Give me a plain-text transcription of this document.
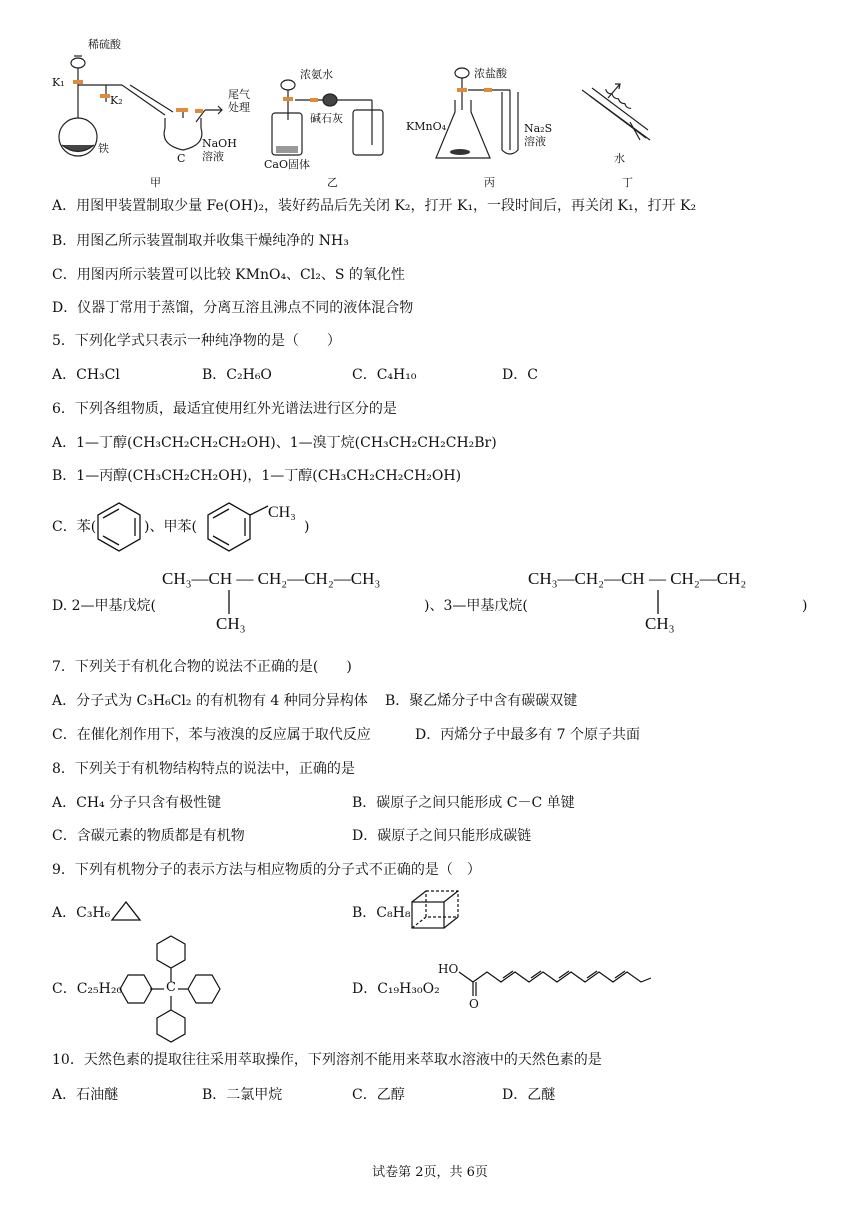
稀硫酸
K₁
K₂
铁
尾气处理
C
NaOH溶液
甲
浓氨水
碱石灰
CaO固体
乙
浓盐酸
KMnO₄	Na₂S溶液
丙
水
丁
A．用图甲装置制取少量 Fe(OH)₂，装好药品后先关闭 K₂，打开 K₁，一段时间后，再关闭 K₁，打开 K₂
B．用图乙所示装置制取并收集干燥纯净的 NH₃
C．用图丙所示装置可以比较 KMnO₄、Cl₂、S 的氧化性
D．仪器丁常用于蒸馏，分离互溶且沸点不同的液体混合物
5．下列化学式只表示一种纯净物的是（　　）
A．CH₃Cl	B．C₂H₆O	C．C₄H₁₀	D．C
6．下列各组物质，最适宜使用红外光谱法进行区分的是
A．1—丁醇(CH₃CH₂CH₂CH₂OH)、1—溴丁烷(CH₃CH₂CH₂CH₂Br)
B．1—丙醇(CH₃CH₂CH₂OH)，1—丁醇(CH₃CH₂CH₂CH₂OH)
C．苯(	)、甲苯(
CH₃
)
D. 2—甲基戊烷(
CH₃—CH — CH₂—CH₂—CH₃
CH₃
)、3—甲基戊烷(
CH₃—CH₂—CH — CH₂—CH₂
CH₃
)
7．下列关于有机化合物的说法不正确的是(　　)
A．分子式为 C₃H₆Cl₂ 的有机物有 4 种同分异构体 B．聚乙烯分子中含有碳碳双键
C．在催化剂作用下，苯与液溴的反应属于取代反应	D．丙烯分子中最多有 7 个原子共面
8．下列关于有机物结构特点的说法中，正确的是
A．CH₄ 分子只含有极性键	B．碳原子之间只能形成 C－C 单键
C．含碳元素的物质都是有机物	D．碳原子之间只能形成碳链
9．下列有机物分子的表示方法与相应物质的分子式不正确的是（　）
A．C₃H₆	B．C₈H₈
C．C₂₅H₂₀	C	D．C₁₉H₃₀O₂
HO
O
10．天然色素的提取往往采用萃取操作，下列溶剂不能用来萃取水溶液中的天然色素的是
A．石油醚	B．二氯甲烷	C．乙醇	D．乙醚
试卷第 2页，共 6页
